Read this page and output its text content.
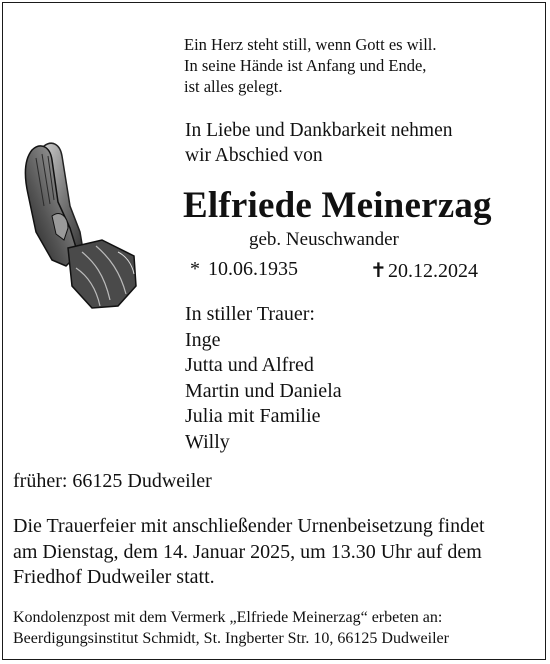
Ein Herz steht still, wenn Gott es will.
In seine Hände ist Anfang und Ende,
ist alles gelegt.
In Liebe und Dankbarkeit nehmen
wir Abschied von
Elfriede Meinerzag
geb. Neuschwander
* 10.06.1935	✝20.12.2024
In stiller Trauer:
Inge
Jutta und Alfred
Martin und Daniela
Julia mit Familie
Willy
früher: 66125 Dudweiler
Die Trauerfeier mit anschließender Urnenbeisetzung findet
am Dienstag, dem 14. Januar 2025, um 13.30 Uhr auf dem
Friedhof Dudweiler statt.
Kondolenzpost mit dem Vermerk „Elfriede Meinerzag“ erbeten an:
Beerdigungsinstitut Schmidt, St. Ingberter Str. 10, 66125 Dudweiler
